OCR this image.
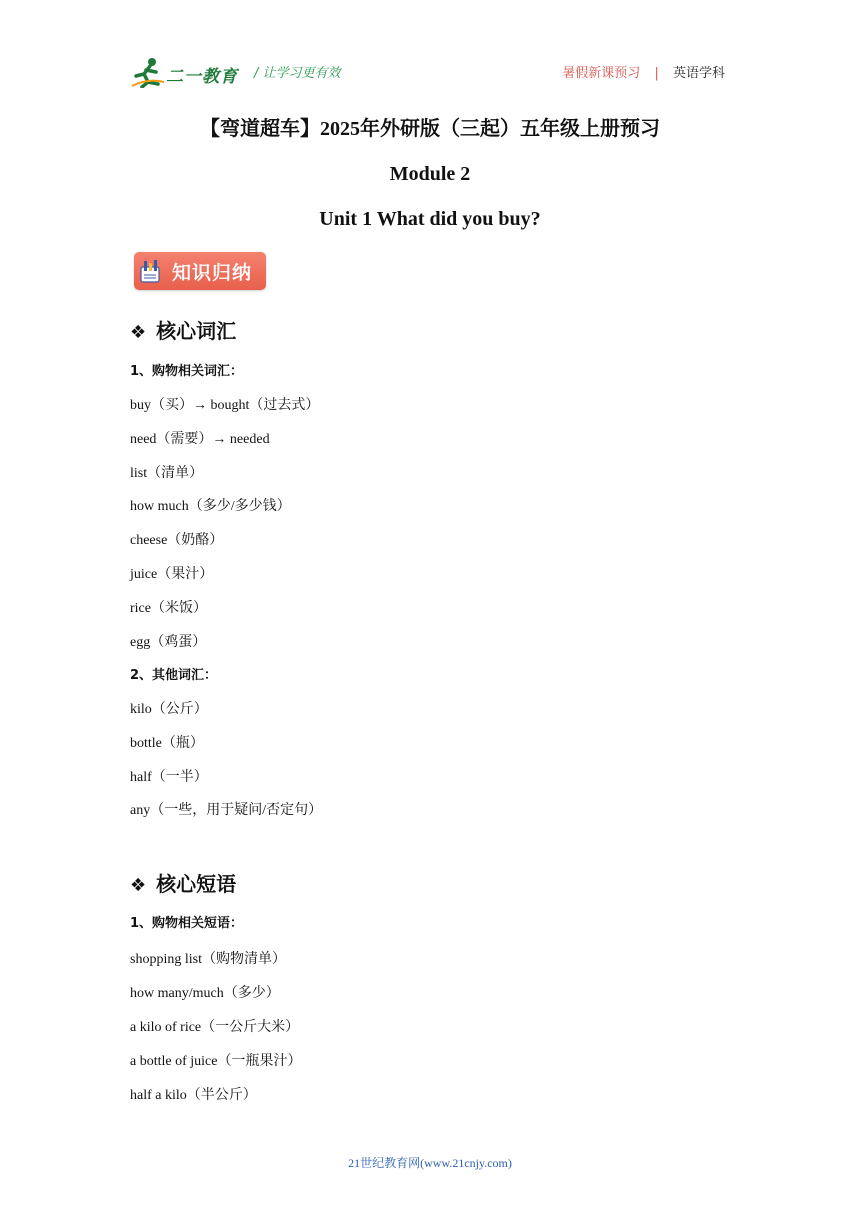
二一教育 / 让学习更有效	暑假新课预习 | 英语学科
【弯道超车】2025年外研版（三起）五年级上册预习
Module 2
Unit 1 What did you buy?
知识归纳
❖ 核心词汇
1、购物相关词汇：
buy（买）→ bought（过去式）
need（需要）→ needed
list（清单）
how much（多少/多少钱）
cheese（奶酪）
juice（果汁）
rice（米饭）
egg（鸡蛋）
2、其他词汇：
kilo（公斤）
bottle（瓶）
half（一半）
any（一些，用于疑问/否定句）
❖ 核心短语
1、购物相关短语：
shopping list（购物清单）
how many/much（多少）
a kilo of rice（一公斤大米）
a bottle of juice（一瓶果汁）
half a kilo（半公斤）
21世纪教育网(www.21cnjy.com)
